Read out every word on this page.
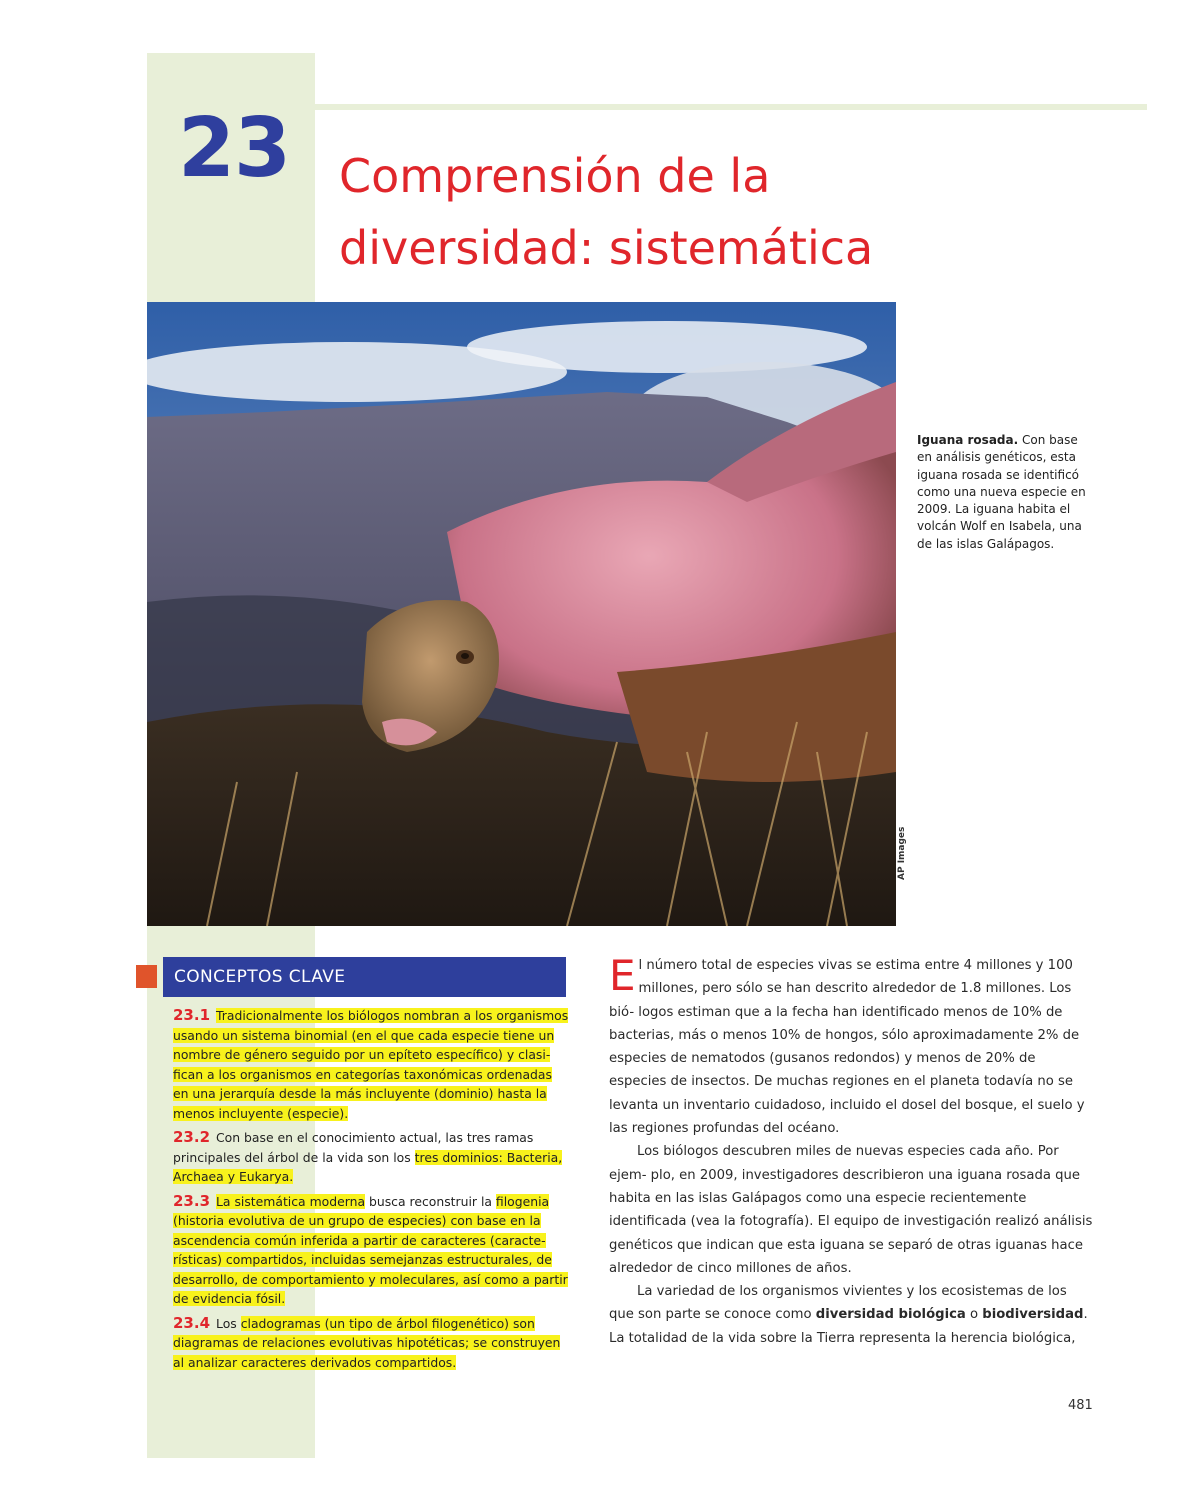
23 Comprensión de la
diversidad: sistemática
AP Images
Iguana rosada. Con base en análisis genéticos, esta iguana rosada se identificó como una nueva especie en 2009. La iguana habita el volcán Wolf en Isabela, una de las islas Galápagos.
CONCEPTOS CLAVE
23.1 Tradicionalmente los biólogos nombran a los organismos usando un sistema binomial (en el que cada especie tiene un nombre de género seguido por un epíteto específico) y clasi- fican a los organismos en categorías taxonómicas ordenadas en una jerarquía desde la más incluyente (dominio) hasta la menos incluyente (especie).
23.2 Con base en el conocimiento actual, las tres ramas principales del árbol de la vida son los tres dominios: Bacteria, Archaea y Eukarya.
23.3 La sistemática moderna busca reconstruir la filogenia (historia evolutiva de un grupo de especies) con base en la ascendencia común inferida a partir de caracteres (caracte- rísticas) compartidos, incluidas semejanzas estructurales, de desarrollo, de comportamiento y moleculares, así como a partir de evidencia fósil.
23.4 Los cladogramas (un tipo de árbol filogenético) son diagramas de relaciones evolutivas hipotéticas; se construyen al analizar caracteres derivados compartidos.

El número total de especies vivas se estima entre 4 millones y 100 millones, pero sólo se han descrito alrededor de 1.8 millones. Los bió- logos estiman que a la fecha han identificado menos de 10% de bacterias, más o menos 10% de hongos, sólo aproximadamente 2% de especies de nematodos (gusanos redondos) y menos de 20% de especies de insectos. De muchas regiones en el planeta todavía no se levanta un inventario cuidadoso, incluido el dosel del bosque, el suelo y las regiones profundas del océano.

Los biólogos descubren miles de nuevas especies cada año. Por ejem- plo, en 2009, investigadores describieron una iguana rosada que habita en las islas Galápagos como una especie recientemente identificada (vea la fotografía). El equipo de investigación realizó análisis genéticos que indican que esta iguana se separó de otras iguanas hace alrededor de cinco millones de años.

La variedad de los organismos vivientes y los ecosistemas de los que son parte se conoce como diversidad biológica o biodiversidad. La totalidad de la vida sobre la Tierra representa la herencia biológica,

481
